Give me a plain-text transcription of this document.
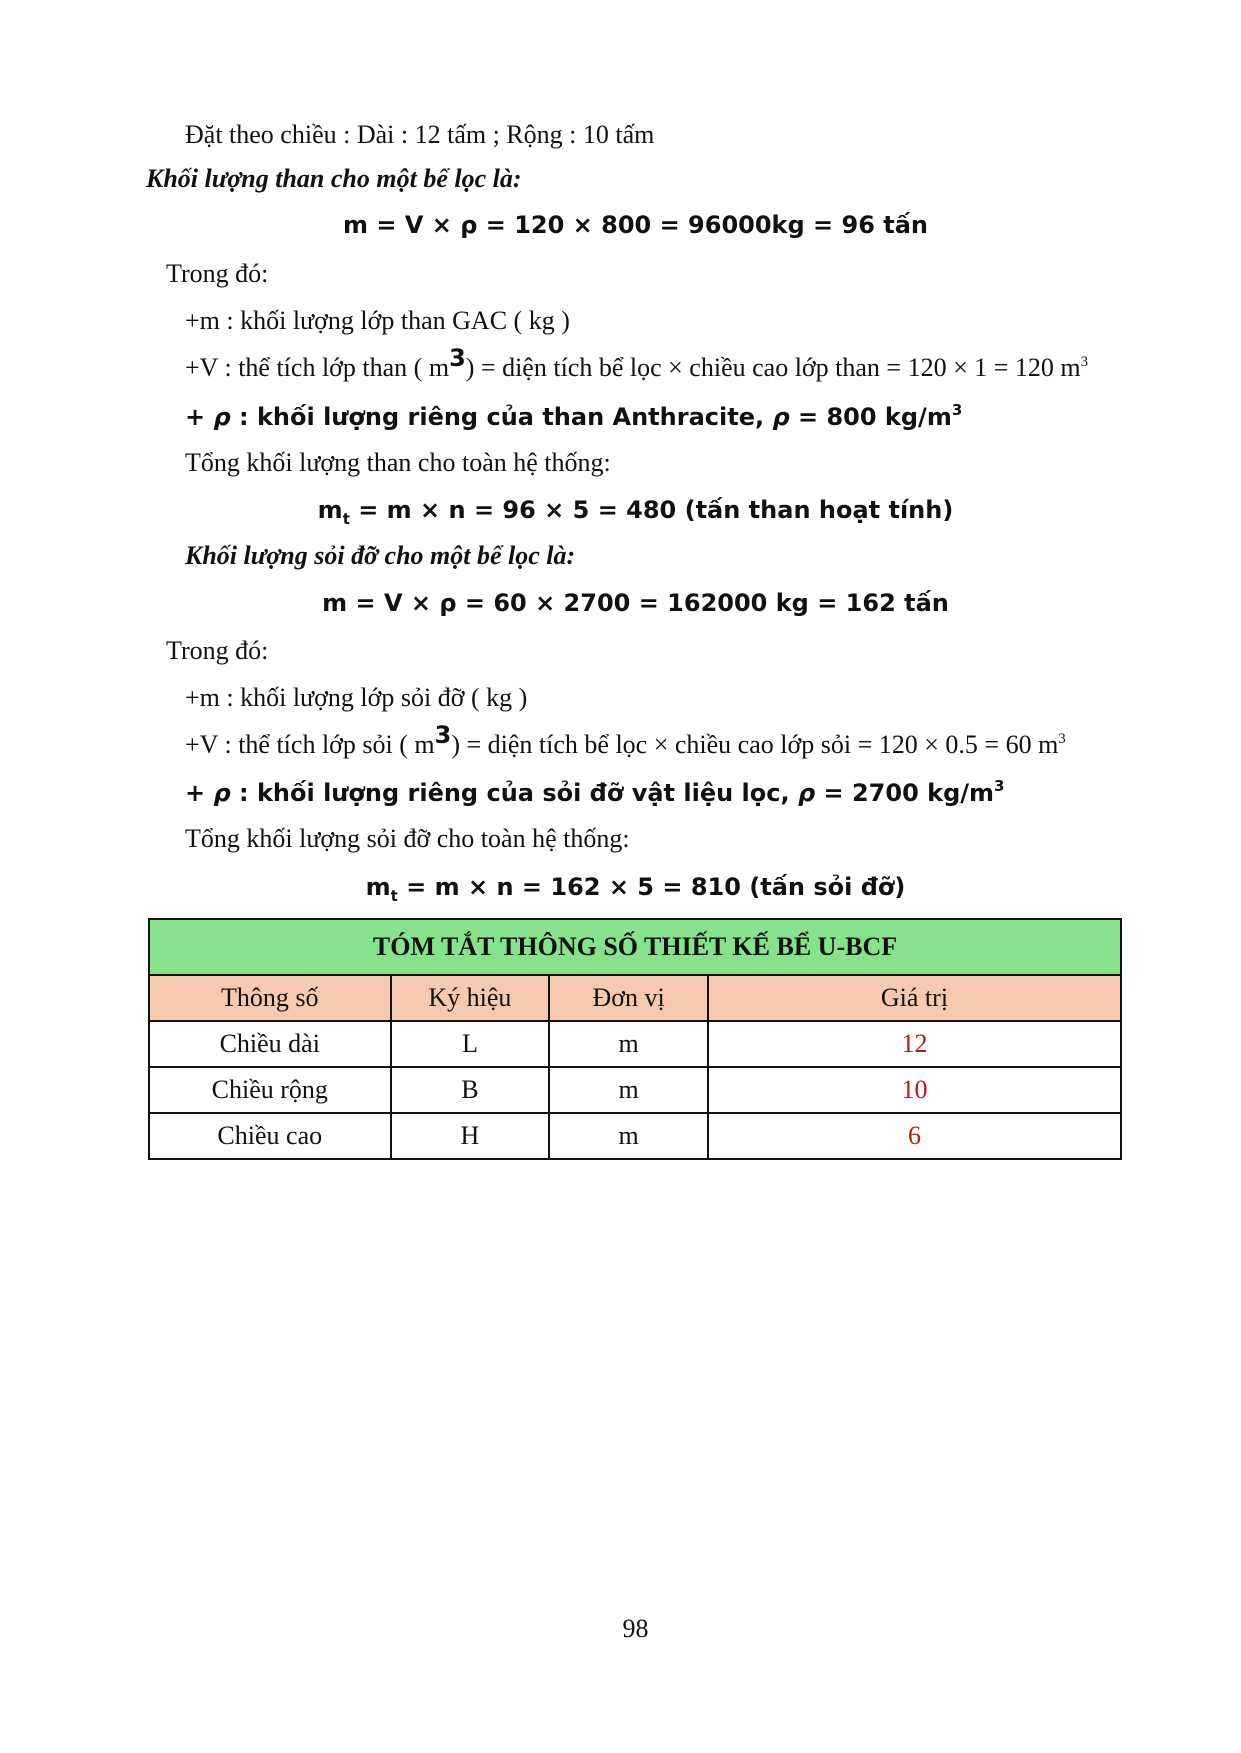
Đặt theo chiều : Dài : 12 tấm ; Rộng : 10 tấm
Khối lượng than cho một bể lọc là:
m = V × ρ = 120 × 800 = 96000kg = 96 tấn
Trong đó:
+m : khối lượng lớp than GAC ( kg )
+V : thể tích lớp than ( $m^3$) = diện tích bể lọc × chiều cao lớp than = 120 × 1 = 120 $m^3$
+ ρ : khối lượng riêng của than Anthracite, ρ = 800 $kg/m^3$
Tổng khối lượng than cho toàn hệ thống:
$m_t = m \times n = 96 \times 5 = 480$ (tấn than hoạt tính)
Khối lượng sỏi đỡ cho một bể lọc là:
m = V × ρ = 60 × 2700 = 162000 kg = 162 tấn
Trong đó:
+m : khối lượng lớp sỏi đỡ ( kg )
+V : thể tích lớp sỏi ( $m^3$) = diện tích bể lọc × chiều cao lớp sỏi = 120 × 0.5 = 60 $m^3$
+ ρ : khối lượng riêng của sỏi đỡ vật liệu lọc, ρ = 2700 $kg/m^3$
Tổng khối lượng sỏi đỡ cho toàn hệ thống:
$m_t = m \times n = 162 \times 5 = 810$ (tấn sỏi đỡ)
TÓM TẮT THÔNG SỐ THIẾT KẾ BỂ U-BCF			
Thông số	Ký hiệu	Đơn vị	Giá trị
Chiều dài	L	m	12
Chiều rộng	B	m	10
Chiều cao	H	m	6
98
